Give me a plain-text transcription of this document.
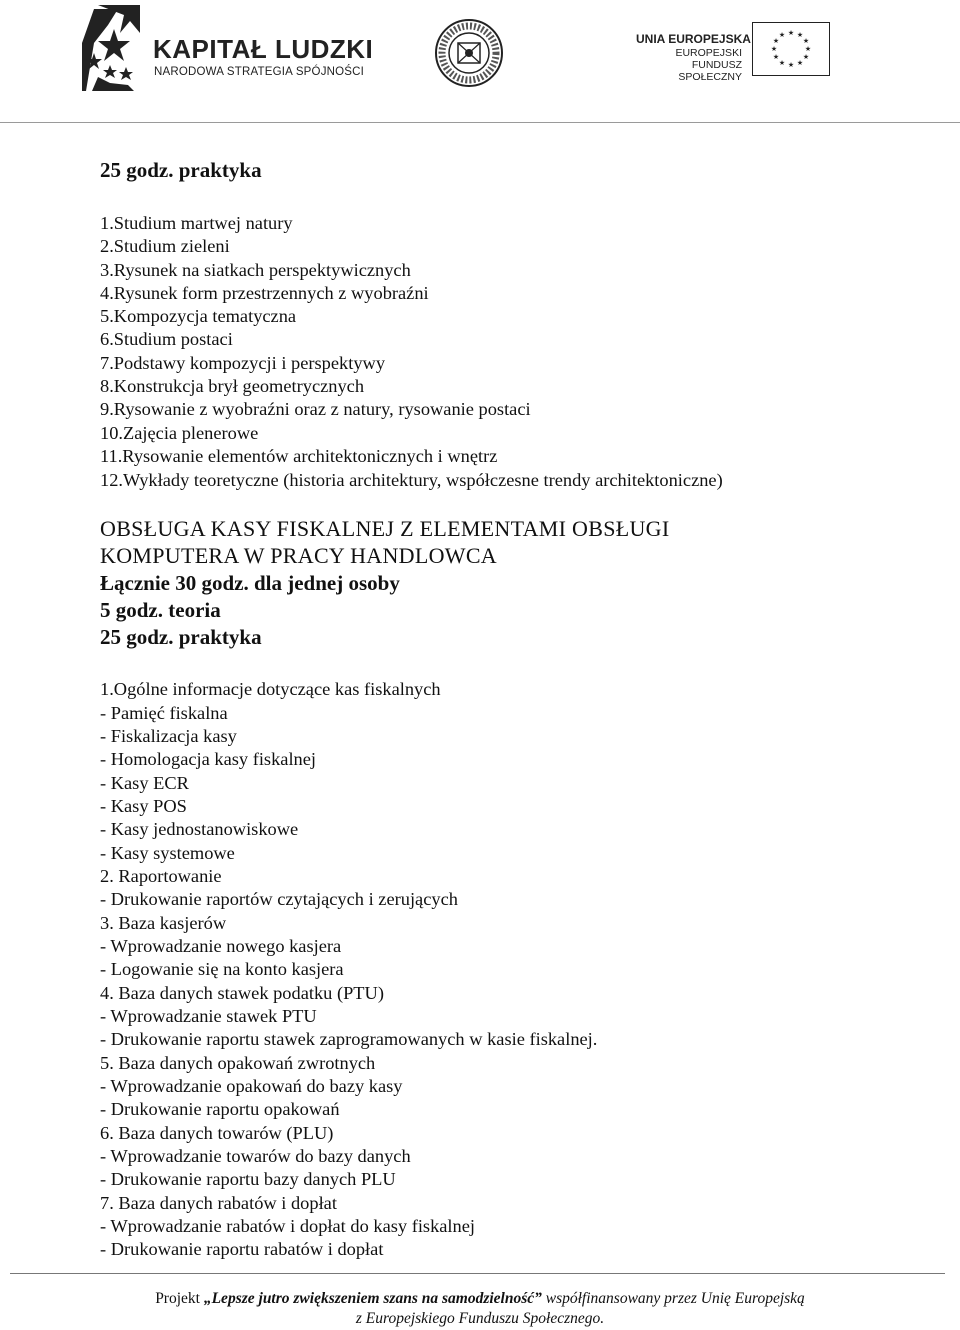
KAPITAŁ LUDZKI
NARODOWA STRATEGIA SPÓJNOŚCI
UNIA EUROPEJSKA
EUROPEJSKI
FUNDUSZ SPOŁECZNY
★ ★
★
★
★
★
★
★
★
★
★
★
25 godz. praktyka
1.Studium martwej natury
2.Studium zieleni
3.Rysunek na siatkach perspektywicznych
4.Rysunek form przestrzennych z wyobraźni
5.Kompozycja tematyczna
6.Studium postaci
7.Podstawy kompozycji i perspektywy
8.Konstrukcja brył geometrycznych
9.Rysowanie z wyobraźni oraz z natury, rysowanie postaci
10.Zajęcia plenerowe
11.Rysowanie elementów architektonicznych i wnętrz
12.Wykłady teoretyczne (historia architektury, współczesne trendy architektoniczne)
OBSŁUGA KASY FISKALNEJ Z ELEMENTAMI OBSŁUGI
KOMPUTERA W PRACY HANDLOWCA
Łącznie 30 godz. dla jednej osoby
5 godz. teoria
25 godz. praktyka
1.Ogólne informacje dotyczące kas fiskalnych
- Pamięć fiskalna
- Fiskalizacja kasy
- Homologacja kasy fiskalnej
- Kasy ECR
- Kasy POS
- Kasy jednostanowiskowe
- Kasy systemowe
2. Raportowanie
- Drukowanie raportów czytających i zerujących
3. Baza kasjerów
- Wprowadzanie nowego kasjera
- Logowanie się na konto kasjera
4. Baza danych stawek podatku (PTU)
- Wprowadzanie stawek PTU
- Drukowanie raportu stawek zaprogramowanych w kasie fiskalnej.
5. Baza danych opakowań zwrotnych
- Wprowadzanie opakowań do bazy kasy
- Drukowanie raportu opakowań
6. Baza danych towarów (PLU)
- Wprowadzanie towarów do bazy danych
- Drukowanie raportu bazy danych PLU
7. Baza danych rabatów i dopłat
- Wprowadzanie rabatów i dopłat do kasy fiskalnej
- Drukowanie raportu rabatów i dopłat
Projekt „Lepsze jutro zwiększeniem szans na samodzielność” współfinansowany przez Unię Europejską
z Europejskiego Funduszu Społecznego.
